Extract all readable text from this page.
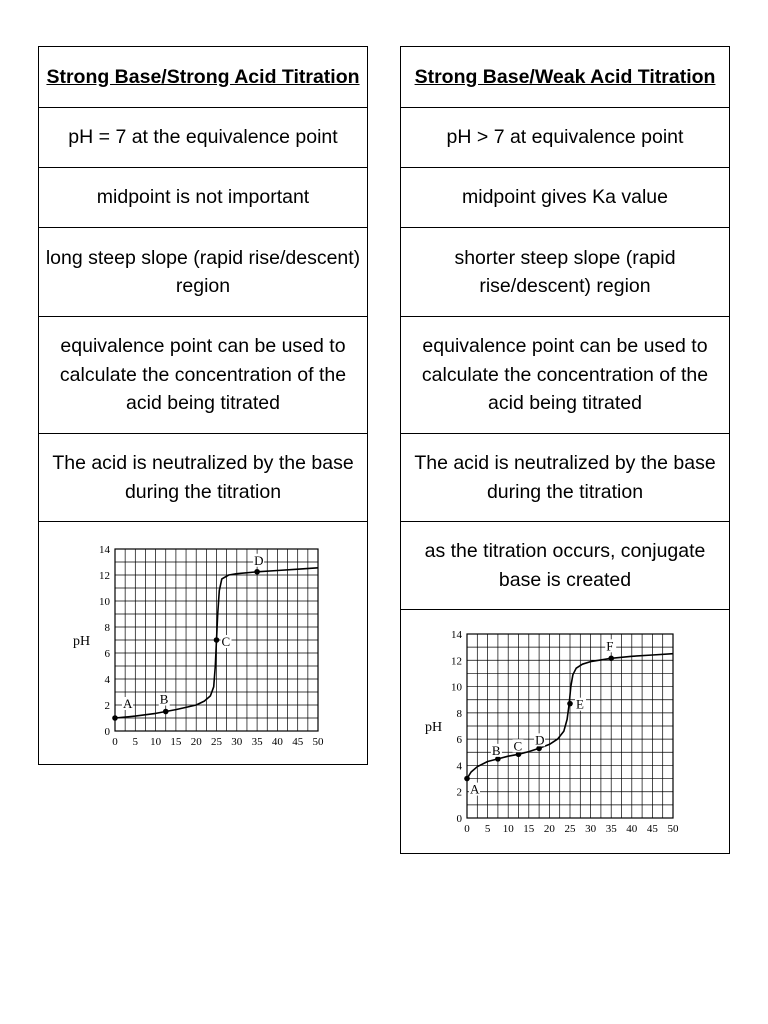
Strong Base/Strong Acid Titration
pH = 7 at the equivalence point
midpoint is not important
long steep slope (rapid rise/descent) region
equivalence point can be used to calculate the concentration of the acid being titrated
The acid is neutralized by the base during the titration
0 5 10 15 20 25 30 35 40 45 50
0
2
4
6
8
10
12
14
pH
A B
C
D
Strong Base/Weak Acid Titration
pH > 7 at equivalence point
midpoint gives Ka value
shorter steep slope (rapid rise/descent) region
equivalence point can be used to calculate the concentration of the acid being titrated
The acid is neutralized by the base during the titration
as the titration occurs, conjugate base is created
0 5 10 15 20 25 30 35 40 45 50
0
2
4
6
8
10
12
14
pH
A
B C D
E
F
